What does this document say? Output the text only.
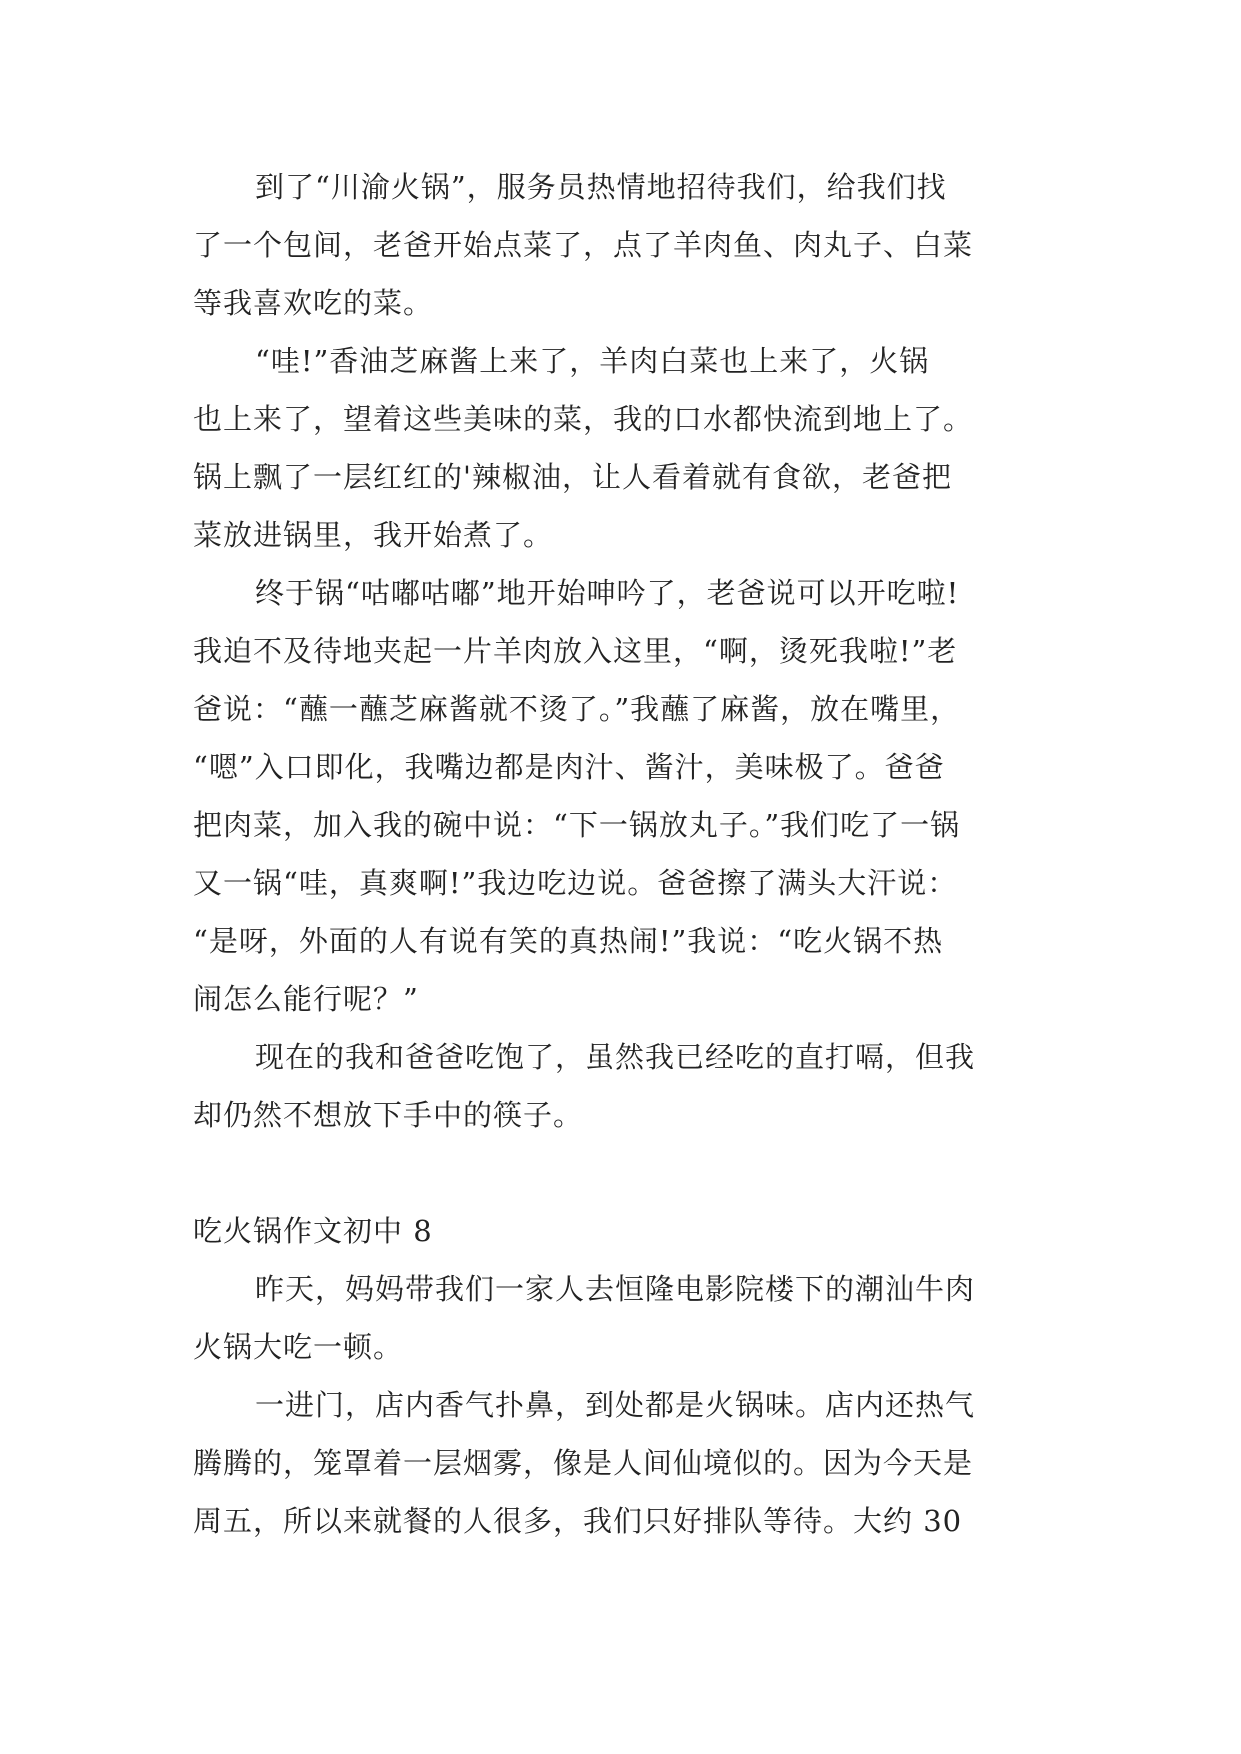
到了“川渝火锅”，服务员热情地招待我们，给我们找
了一个包间，老爸开始点菜了，点了羊肉鱼、肉丸子、白菜
等我喜欢吃的菜。
“哇!”香油芝麻酱上来了，羊肉白菜也上来了，火锅
也上来了，望着这些美味的菜，我的口水都快流到地上了。
锅上飘了一层红红的'辣椒油，让人看着就有食欲，老爸把
菜放进锅里，我开始煮了。
终于锅“咕嘟咕嘟”地开始呻吟了，老爸说可以开吃啦!
我迫不及待地夹起一片羊肉放入这里，“啊，烫死我啦!”老
爸说：“蘸一蘸芝麻酱就不烫了。”我蘸了麻酱，放在嘴里，
“嗯”入口即化，我嘴边都是肉汁、酱汁，美味极了。爸爸
把肉菜，加入我的碗中说：“下一锅放丸子。”我们吃了一锅
又一锅“哇，真爽啊!”我边吃边说。爸爸擦了满头大汗说：
“是呀，外面的人有说有笑的真热闹!”我说：“吃火锅不热
闹怎么能行呢？”
现在的我和爸爸吃饱了，虽然我已经吃的直打嗝，但我
却仍然不想放下手中的筷子。
吃火锅作文初中 8
昨天，妈妈带我们一家人去恒隆电影院楼下的潮汕牛肉
火锅大吃一顿。
一进门，店内香气扑鼻，到处都是火锅味。店内还热气
腾腾的，笼罩着一层烟雾，像是人间仙境似的。因为今天是
周五，所以来就餐的人很多，我们只好排队等待。大约 30
